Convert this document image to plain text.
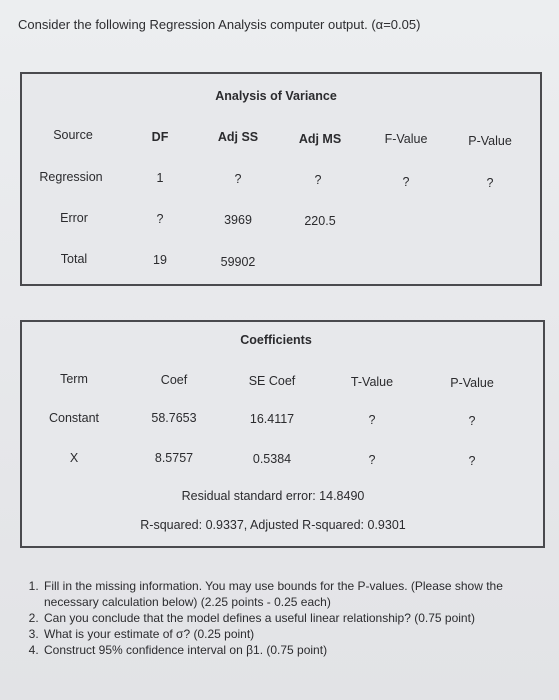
Consider the following Regression Analysis computer output. (α=0.05)
Analysis of Variance
Source	DF	Adj SS	Adj MS	F-Value	P-Value
Regression	1	?	?	?	?
Error	?	3969	220.5
Total	19	59902
Coefficients
Term	Coef	SE Coef	T-Value	P-Value
Constant	58.7653	16.4117	?	?
X	8.5757	0.5384	?	?
Residual standard error: 14.8490
R-squared: 0.9337, Adjusted R-squared: 0.9301
1. Fill in the missing information. You may use bounds for the P-values. (Please show the necessary calculation below) (2.25 points - 0.25 each)
2. Can you conclude that the model defines a useful linear relationship? (0.75 point)
3. What is your estimate of σ? (0.25 point)
4. Construct 95% confidence interval on β1. (0.75 point)
